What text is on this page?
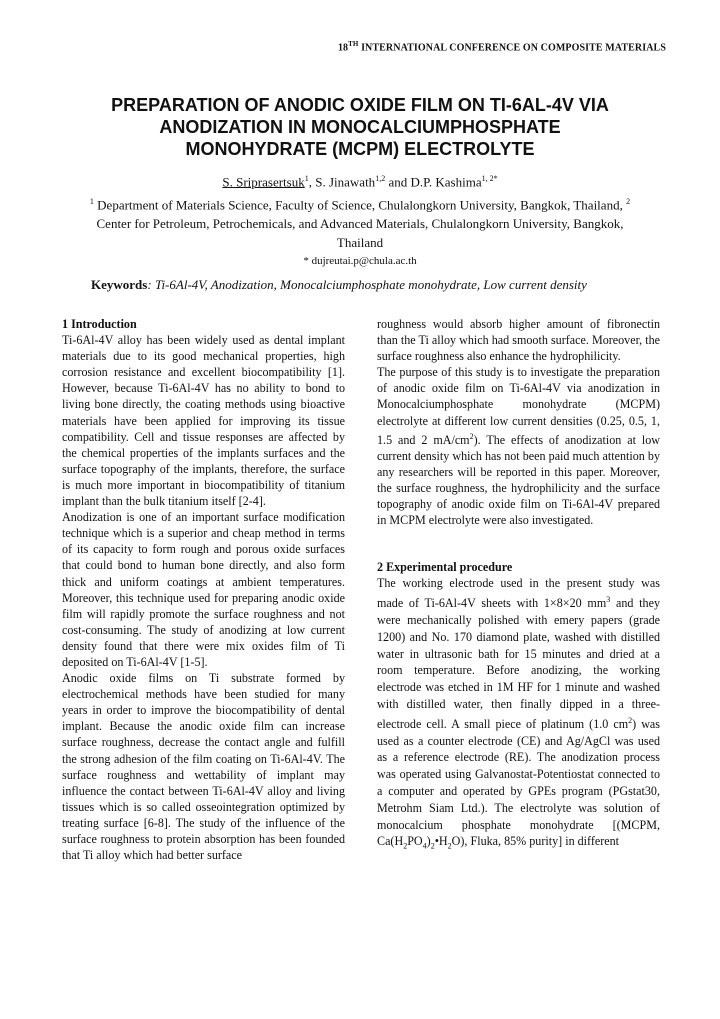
18TH INTERNATIONAL CONFERENCE ON COMPOSITE MATERIALS
PREPARATION OF ANODIC OXIDE FILM ON TI-6AL-4V VIA
ANODIZATION IN MONOCALCIUMPHOSPHATE
MONOHYDRATE (MCPM) ELECTROLYTE
S. Sriprasertsuk$^1$, S. Jinawath$^{1,2}$ and D.P. Kashima$^{1, 2*}$
$^1$ Department of Materials Science, Faculty of Science, Chulalongkorn University, Bangkok, Thailand, $^2$ Center for Petroleum, Petrochemicals, and Advanced Materials, Chulalongkorn University, Bangkok, Thailand
* dujreutai.p@chula.ac.th
Keywords: Ti-6Al-4V, Anodization, Monocalciumphosphate monohydrate, Low current density

1 Introduction

Ti-6Al-4V alloy has been widely used as dental implant materials due to its good mechanical properties, high corrosion resistance and excellent biocompatibility [1]. However, because Ti-6Al-4V has no ability to bond to living bone directly, the coating methods using bioactive materials have been applied for improving its tissue compatibility. Cell and tissue responses are affected by the chemical properties of the implants surfaces and the surface topography of the implants, therefore, the surface is much more important in biocompatibility of titanium implant than the bulk titanium itself [2-4].

Anodization is one of an important surface modification technique which is a superior and cheap method in terms of its capacity to form rough and porous oxide surfaces that could bond to human bone directly, and also form thick and uniform coatings at ambient temperatures. Moreover, this technique used for preparing anodic oxide film will rapidly promote the surface roughness and not cost-consuming. The study of anodizing at low current density found that there were mix oxides film of Ti deposited on Ti-6Al-4V [1-5].

Anodic oxide films on Ti substrate formed by electrochemical methods have been studied for many years in order to improve the biocompatibility of dental implant. Because the anodic oxide film can increase surface roughness, decrease the contact angle and fulfill the strong adhesion of the film coating on Ti-6Al-4V. The surface roughness and wettability of implant may influence the contact between Ti-6Al-4V alloy and living tissues which is so called osseointegration optimized by treating surface [6-8]. The study of the influence of the surface roughness to protein absorption has been founded that Ti alloy which had better surface

roughness would absorb higher amount of fibronectin than the Ti alloy which had smooth surface. Moreover, the surface roughness also enhance the hydrophilicity.

The purpose of this study is to investigate the preparation of anodic oxide film on Ti-6Al-4V via anodization in Monocalciumphosphate monohydrate (MCPM) electrolyte at different low current densities (0.25, 0.5, 1, 1.5 and 2 $mA/cm^2$). The effects of anodization at low current density which has not been paid much attention by any researchers will be reported in this paper. Moreover, the surface roughness, the hydrophilicity and the surface topography of anodic oxide film on Ti-6Al-4V prepared in MCPM electrolyte were also investigated.

2 Experimental procedure

The working electrode used in the present study was made of Ti-6Al-4V sheets with 1×8×20 $mm^3$ and they were mechanically polished with emery papers (grade 1200) and No. 170 diamond plate, washed with distilled water in ultrasonic bath for 15 minutes and dried at a room temperature. Before anodizing, the working electrode was etched in 1M HF for 1 minute and washed with distilled water, then finally dipped in a three-electrode cell. A small piece of platinum (1.0 $cm^2$) was used as a counter electrode (CE) and Ag/AgCl was used as a reference electrode (RE). The anodization process was operated using Galvanostat-Potentiostat connected to a computer and operated by GPEs program (PGstat30, Metrohm Siam Ltd.). The electrolyte was solution of monocalcium phosphate monohydrate [(MCPM, $Ca(H_2PO_4)_2•H_2O$), Fluka, 85% purity] in different
